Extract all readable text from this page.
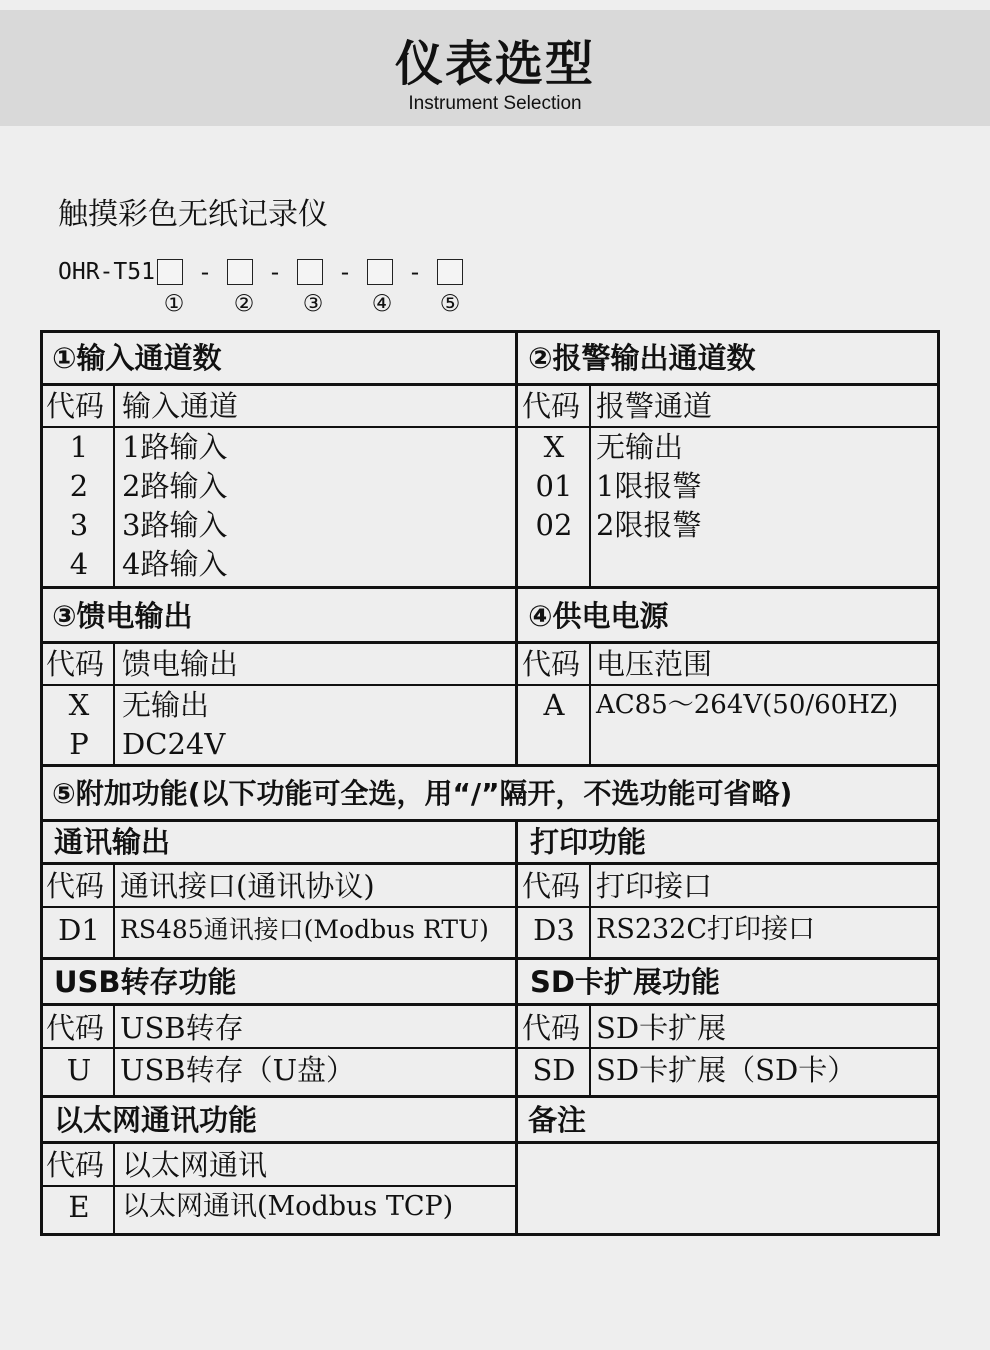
仪表选型
Instrument Selection
触摸彩色无纸记录仪
OHR-T51	-	-	-	-
① ② ③ ④ ⑤
①输入通道数
代码 输入通道
1	1路输入
2	2路输入
3	3路输入
4	4路输入
②报警输出通道数
代码 报警通道
X	无输出
01 1限报警
02 2限报警
③馈电输出
代码 馈电输出
X	无输出
P	DC24V
④供电电源
代码 电压范围
A	AC85～264V(50/60HZ)
⑤附加功能(以下功能可全选，用“/”隔开，不选功能可省略)
通讯输出
代码 通讯接口(通讯协议)
D1 RS485通讯接口(Modbus RTU)
打印功能
代码 打印接口
D3 RS232C打印接口
USB转存功能
代码 USB转存
U USB转存（U盘）
SD卡扩展功能
代码 SD卡扩展
SD SD卡扩展（SD卡）
以太网通讯功能
代码 以太网通讯
E	以太网通讯(Modbus TCP)
备注
